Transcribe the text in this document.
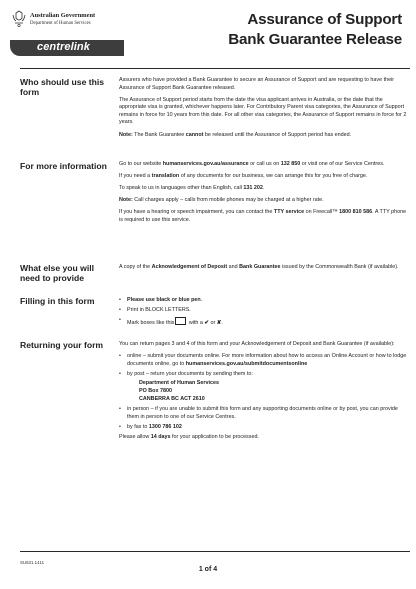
Australian Government
Department of Human Services
centrelink
Assurance of Support
Bank Guarantee Release
Who should use this
form

Assurers who have provided a Bank Guarantee to secure an Assurance of Support and are requesting to have their Assurance of Support Bank Guarantee released.

The Assurance of Support period starts from the date the visa applicant arrives in Australia, or the date that the appropriate visa is granted, whichever happens later. For Contributory Parent visa categories, the Assurance of Support remains in force for 10 years from this date. For all other visa categories, the Assurance of Support remains in force for 2 years.

Note: The Bank Guarantee cannot be released until the Assurance of Support period has ended.

For more information Go to our website humanservices.gov.au/assurance or call us on 132 850 or visit one of our Service Centres.

If you need a translation of any documents for our business, we can arrange this for you free of charge.

To speak to us in languages other than English, call 131 202.

Note: Call charges apply – calls from mobile phones may be charged at a higher rate.

If you have a hearing or speech impairment, you can contact the TTY service on Freecall™ 1800 810 586. A TTY phone is required to use this service.

What else you will
need to provide

A copy of the Acknowledgement of Deposit and Bank Guarantee issued by the Commonwealth Bank (if available).

Filling in this form
•	Please use black or blue pen.
• Print in BLOCK LETTERS.
• Mark boxes like this with a ✔ or ✘.
Returning your form	You can return pages 3 and 4 of this form and your Acknowledgement of Deposit and Bank Guarantee (if available):

• online – submit your documents online. For more information about how to access an Online Account or how to lodge documents online, go to humanservices.gov.au/submitdocumentsonline
• by post – return your documents by sending them to:
Department of Human Services
PO Box 7800
CANBERRA BC ACT 2610
• in person – if you are unable to submit this form and any supporting documents online or by post, you can provide them in person to one of our Service Centres.
• by fax to 1300 786 102

Please allow 14 days for your application to be processed.

SU631.1411
1 of 4
